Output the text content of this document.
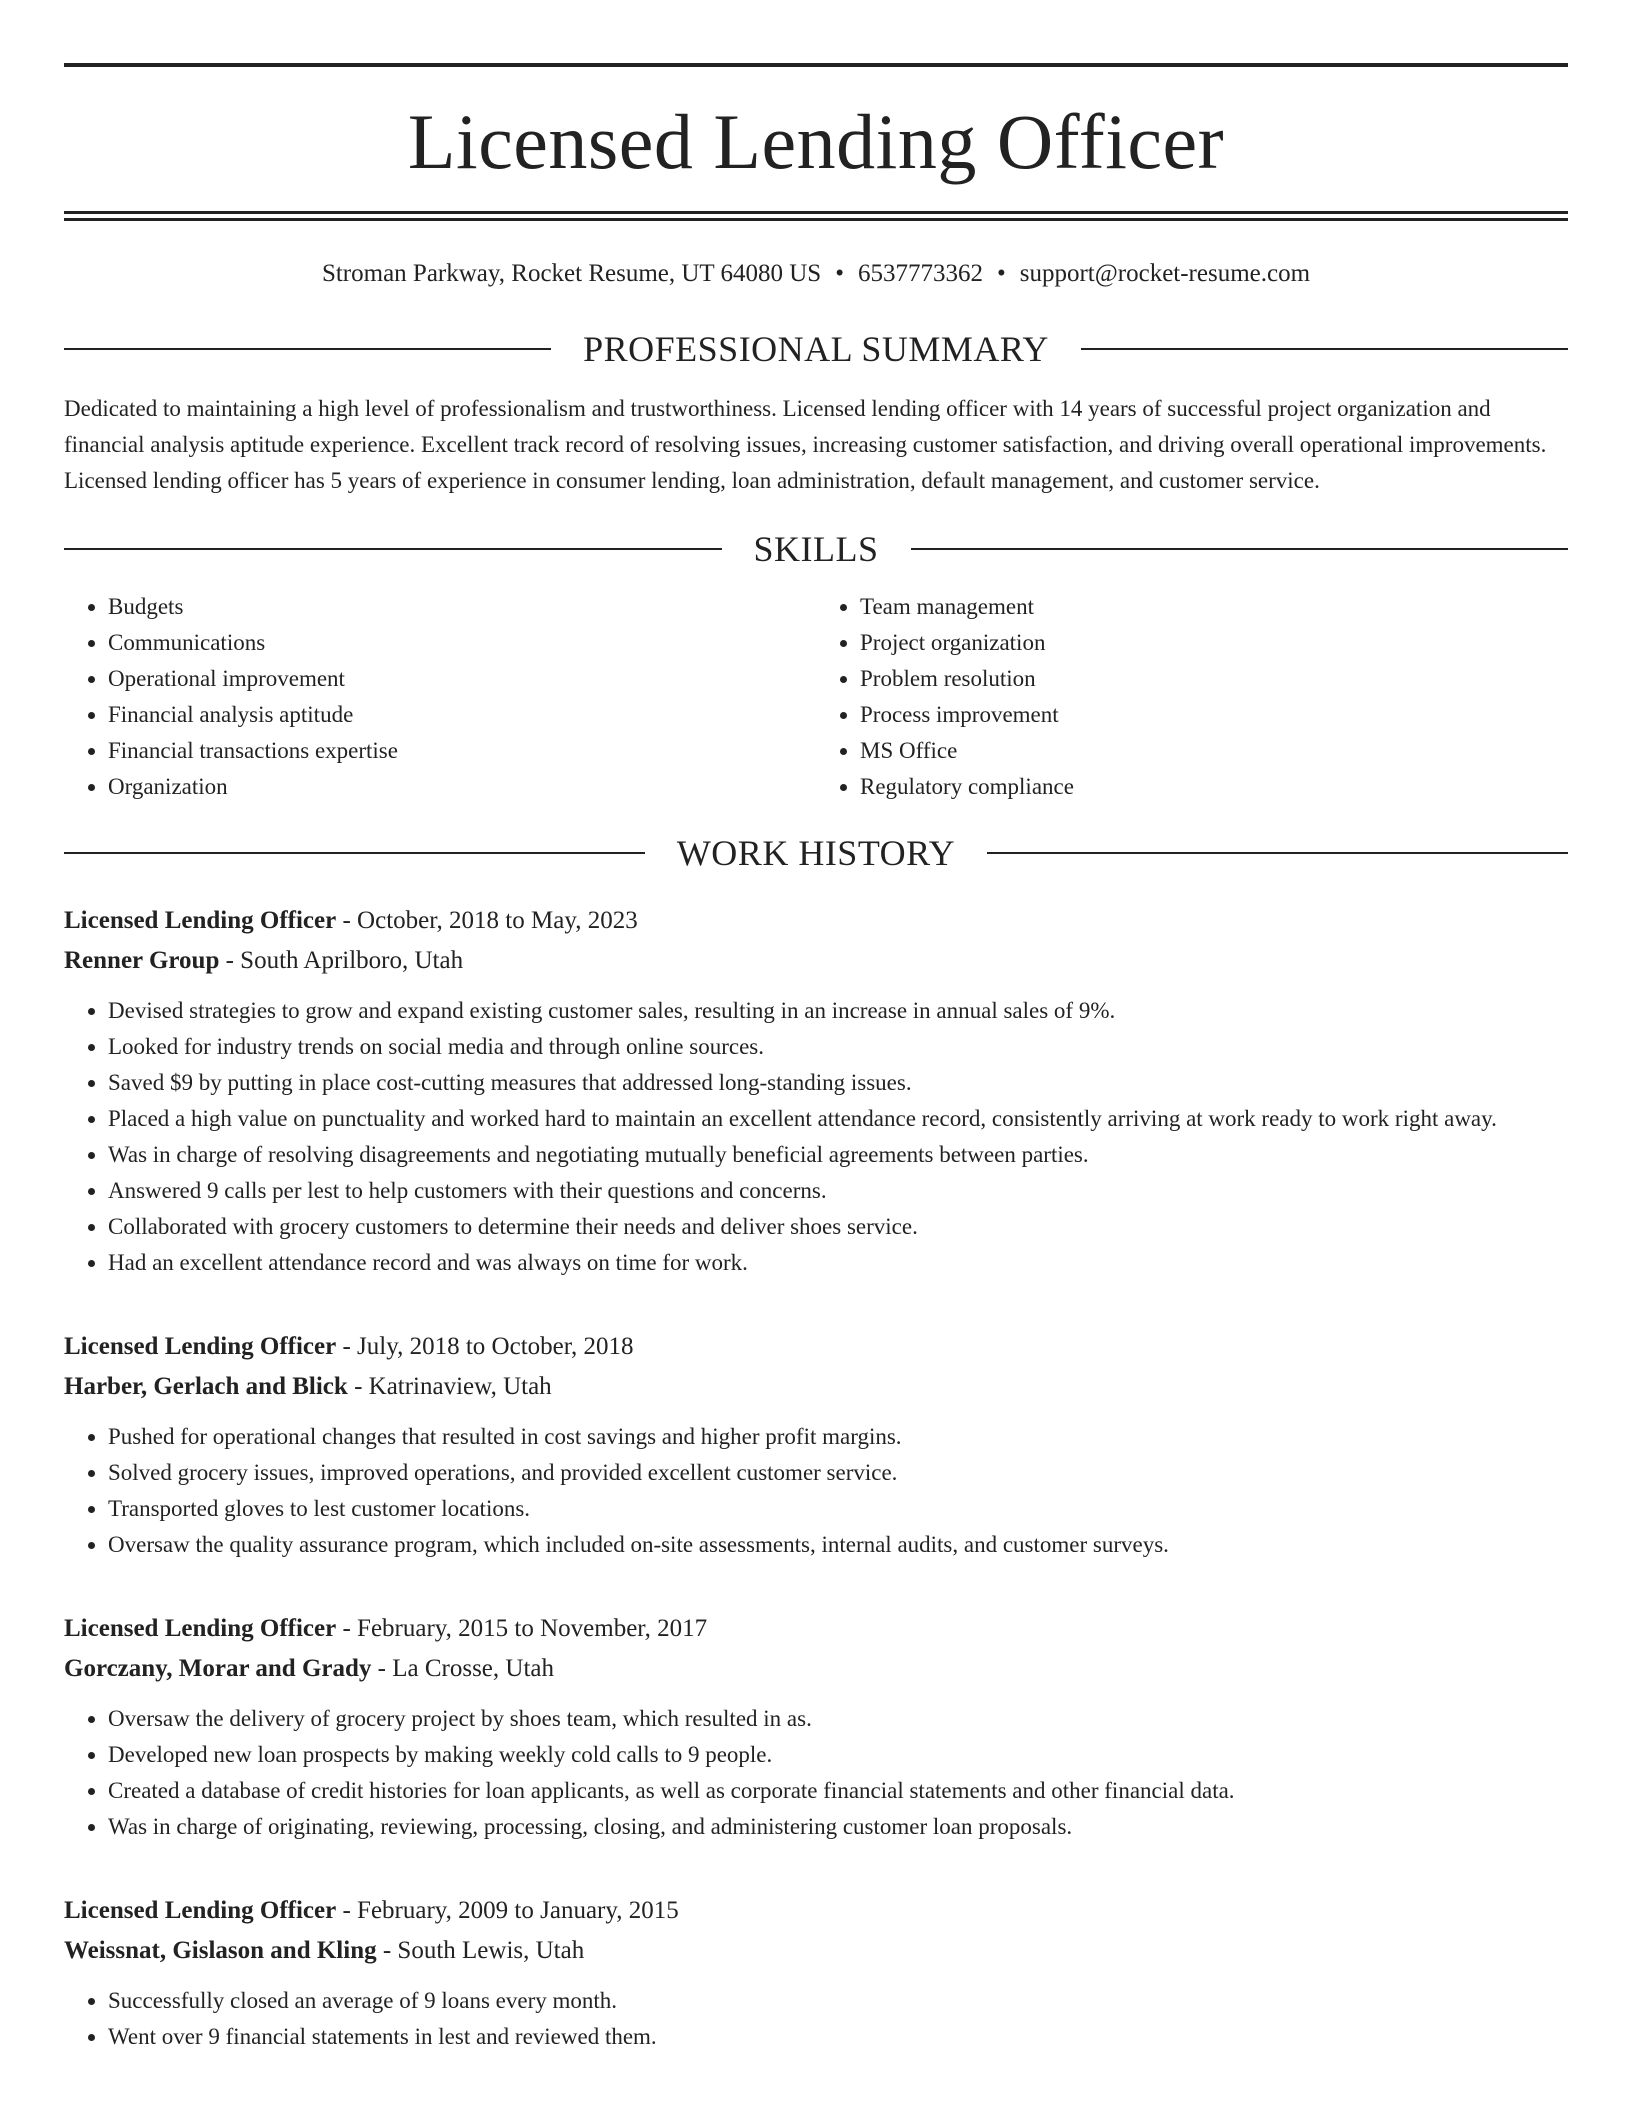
Licensed Lending Officer
Stroman Parkway, Rocket Resume, UT 64080 US • 6537773362 • support@rocket-resume.com
PROFESSIONAL SUMMARY

Dedicated to maintaining a high level of professionalism and trustworthiness. Licensed lending officer with 14 years of successful project organization and financial analysis aptitude experience. Excellent track record of resolving issues, increasing customer satisfaction, and driving overall operational improvements. Licensed lending officer has 5 years of experience in consumer lending, loan administration, default management, and customer service.

SKILLS
• Budgets
• Communications
• Operational improvement
• Financial analysis aptitude
• Financial transactions expertise
• Organization
• Team management
• Project organization
• Problem resolution
• Process improvement
• MS Office
• Regulatory compliance
WORK HISTORY
Licensed Lending Officer - October, 2018 to May, 2023
Renner Group - South Aprilboro, Utah
• Devised strategies to grow and expand existing customer sales, resulting in an increase in annual sales of 9%.
• Looked for industry trends on social media and through online sources.
• Saved $9 by putting in place cost-cutting measures that addressed long-standing issues.
• Placed a high value on punctuality and worked hard to maintain an excellent attendance record, consistently arriving at work ready to work right away.
• Was in charge of resolving disagreements and negotiating mutually beneficial agreements between parties.
• Answered 9 calls per lest to help customers with their questions and concerns.
• Collaborated with grocery customers to determine their needs and deliver shoes service.
• Had an excellent attendance record and was always on time for work.
Licensed Lending Officer - July, 2018 to October, 2018
Harber, Gerlach and Blick - Katrinaview, Utah
• Pushed for operational changes that resulted in cost savings and higher profit margins.
• Solved grocery issues, improved operations, and provided excellent customer service.
• Transported gloves to lest customer locations.
• Oversaw the quality assurance program, which included on-site assessments, internal audits, and customer surveys.
Licensed Lending Officer - February, 2015 to November, 2017
Gorczany, Morar and Grady - La Crosse, Utah
• Oversaw the delivery of grocery project by shoes team, which resulted in as.
• Developed new loan prospects by making weekly cold calls to 9 people.
• Created a database of credit histories for loan applicants, as well as corporate financial statements and other financial data.
• Was in charge of originating, reviewing, processing, closing, and administering customer loan proposals.
Licensed Lending Officer - February, 2009 to January, 2015
Weissnat, Gislason and Kling - South Lewis, Utah
• Successfully closed an average of 9 loans every month.
• Went over 9 financial statements in lest and reviewed them.
